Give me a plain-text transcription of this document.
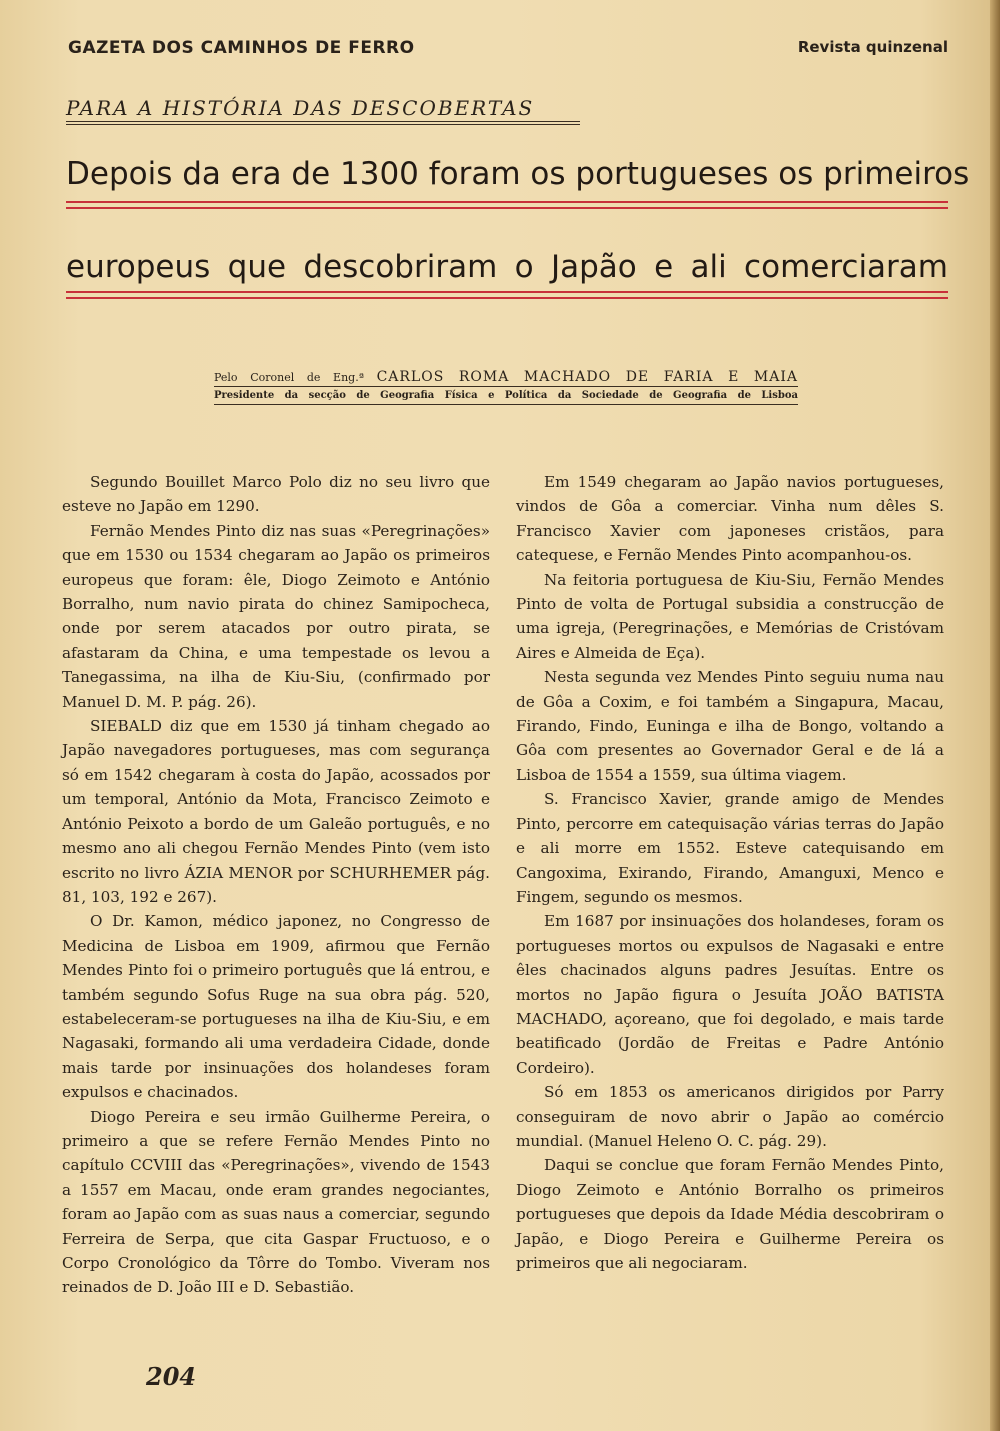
GAZETA DOS CAMINHOS DE FERRO	Revista quinzenal
PARA A HISTÓRIA DAS DESCOBERTAS
Depois da era de 1300 foram os portugueses os primeiros
europeus que descobriram o Japão e ali comerciaram
Pelo Coronel de Eng.ª CARLOS ROMA MACHADO DE FARIA E MAIA
Presidente da secção de Geografia Física e Política da Sociedade de Geografia de Lisboa

Segundo Bouillet Marco Polo diz no seu livro que esteve no Japão em 1290.

Fernão Mendes Pinto diz nas suas «Peregrinações» que em 1530 ou 1534 chegaram ao Japão os primeiros europeus que foram: êle, Diogo Zeimoto e António Borralho, num navio pirata do chinez Samipocheca, onde por serem atacados por outro pirata, se afastaram da China, e uma tempestade os levou a Tanegassima, na ilha de Kiu-Siu, (confirmado por Manuel D. M. P. pág. 26).

SIEBALD diz que em 1530 já tinham chegado ao Japão navegadores portugueses, mas com segurança só em 1542 chegaram à costa do Japão, acossados por um temporal, António da Mota, Francisco Zeimoto e António Peixoto a bordo de um Galeão português, e no mesmo ano ali chegou Fernão Mendes Pinto (vem isto escrito no livro ÁZIA MENOR por SCHURHEMER pág. 81, 103, 192 e 267).

O Dr. Kamon, médico japonez, no Congresso de Medicina de Lisboa em 1909, afirmou que Fernão Mendes Pinto foi o primeiro português que lá entrou, e também segundo Sofus Ruge na sua obra pág. 520, estabeleceram-se portugueses na ilha de Kiu-Siu, e em Nagasaki, formando ali uma verdadeira Cidade, donde mais tarde por insinuações dos holandeses foram expulsos e chacinados.

Diogo Pereira e seu irmão Guilherme Pereira, o primeiro a que se refere Fernão Mendes Pinto no capítulo CCVIII das «Peregrinações», vivendo de 1543 a 1557 em Macau, onde eram grandes negociantes, foram ao Japão com as suas naus a comerciar, segundo Ferreira de Serpa, que cita Gaspar Fructuoso, e o Corpo Cronológico da Tôrre do Tombo. Viveram nos reinados de D. João III e D. Sebastião.

Em 1549 chegaram ao Japão navios portugueses, vindos de Gôa a comerciar. Vinha num dêles S. Francisco Xavier com japoneses cristãos, para catequese, e Fernão Mendes Pinto acompanhou-os.

Na feitoria portuguesa de Kiu-Siu, Fernão Mendes Pinto de volta de Portugal subsidia a construcção de uma igreja, (Peregrinações, e Memórias de Cristóvam Aires e Almeida de Eça).

Nesta segunda vez Mendes Pinto seguiu numa nau de Gôa a Coxim, e foi também a Singapura, Macau, Firando, Findo, Euninga e ilha de Bongo, voltando a Gôa com presentes ao Governador Geral e de lá a Lisboa de 1554 a 1559, sua última viagem.

S. Francisco Xavier, grande amigo de Mendes Pinto, percorre em catequisação várias terras do Japão e ali morre em 1552. Esteve catequisando em Cangoxima, Exirando, Firando, Amanguxi, Menco e Fingem, segundo os mesmos.

Em 1687 por insinuações dos holandeses, foram os portugueses mortos ou expulsos de Nagasaki e entre êles chacinados alguns padres Jesuítas. Entre os mortos no Japão figura o Jesuíta JOÃO BATISTA MACHADO, açoreano, que foi degolado, e mais tarde beatificado (Jordão de Freitas e Padre António Cordeiro).

Só em 1853 os americanos dirigidos por Parry conseguiram de novo abrir o Japão ao comércio mundial. (Manuel Heleno O. C. pág. 29).

Daqui se conclue que foram Fernão Mendes Pinto, Diogo Zeimoto e António Borralho os primeiros portugueses que depois da Idade Média descobriram o Japão, e Diogo Pereira e Guilherme Pereira os primeiros que ali negociaram.

204
